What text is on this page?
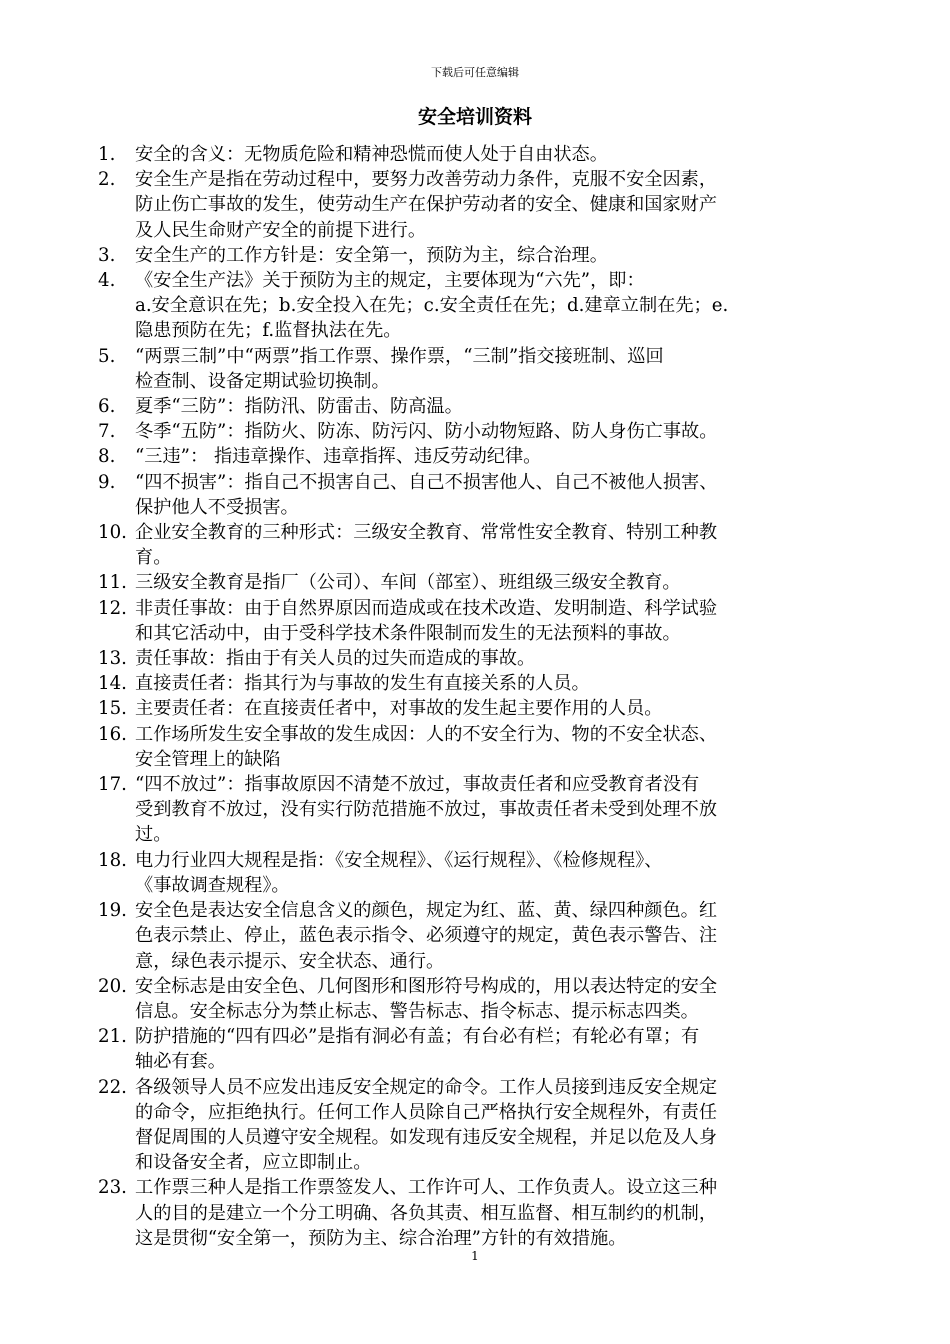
下载后可任意编辑
安全培训资料
1.	安全的含义：无物质危险和精神恐慌而使人处于自由状态。
2.	安全生产是指在劳动过程中，要努力改善劳动力条件，克服不安全因素，
防止伤亡事故的发生，使劳动生产在保护劳动者的安全、健康和国家财产
及人民生命财产安全的前提下进行。
3.	安全生产的工作方针是：安全第一，预防为主，综合治理。
4.	《安全生产法》关于预防为主的规定，主要体现为“六先”，即：
a.安全意识在先；b.安全投入在先；c.安全责任在先；d.建章立制在先；e.
隐患预防在先；f.监督执法在先。
5.	“两票三制”中“两票”指工作票、操作票，“三制”指交接班制、巡回
检查制、设备定期试验切换制。
6.	夏季“三防”：指防汛、防雷击、防高温。
7.	冬季“五防”：指防火、防冻、防污闪、防小动物短路、防人身伤亡事故。
8.	“三违”： 指违章操作、违章指挥、违反劳动纪律。
9.	“四不损害”：指自己不损害自己、自己不损害他人、自己不被他人损害、
保护他人不受损害。
10. 企业安全教育的三种形式：三级安全教育、常常性安全教育、特别工种教
育。
11. 三级安全教育是指厂（公司）、车间（部室）、班组级三级安全教育。
12. 非责任事故：由于自然界原因而造成或在技术改造、发明制造、科学试验
和其它活动中，由于受科学技术条件限制而发生的无法预料的事故。
13. 责任事故：指由于有关人员的过失而造成的事故。
14. 直接责任者：指其行为与事故的发生有直接关系的人员。
15. 主要责任者：在直接责任者中，对事故的发生起主要作用的人员。
16. 工作场所发生安全事故的发生成因：人的不安全行为、物的不安全状态、
安全管理上的缺陷
17. “四不放过”：指事故原因不清楚不放过，事故责任者和应受教育者没有
受到教育不放过，没有实行防范措施不放过，事故责任者未受到处理不放
过。
18. 电力行业四大规程是指：《安全规程》、《运行规程》、《检修规程》、
《事故调查规程》。
19. 安全色是表达安全信息含义的颜色，规定为红、蓝、黄、绿四种颜色。红
色表示禁止、停止，蓝色表示指令、必须遵守的规定，黄色表示警告、注
意，绿色表示提示、安全状态、通行。
20. 安全标志是由安全色、几何图形和图形符号构成的，用以表达特定的安全
信息。安全标志分为禁止标志、警告标志、指令标志、提示标志四类。
21. 防护措施的“四有四必”是指有洞必有盖；有台必有栏；有轮必有罩；有
轴必有套。
22. 各级领导人员不应发出违反安全规定的命令。工作人员接到违反安全规定
的命令，应拒绝执行。任何工作人员除自己严格执行安全规程外，有责任
督促周围的人员遵守安全规程。如发现有违反安全规程，并足以危及人身
和设备安全者，应立即制止。
23. 工作票三种人是指工作票签发人、工作许可人、工作负责人。设立这三种
人的目的是建立一个分工明确、各负其责、相互监督、相互制约的机制，
这是贯彻“安全第一，预防为主、综合治理”方针的有效措施。
1
